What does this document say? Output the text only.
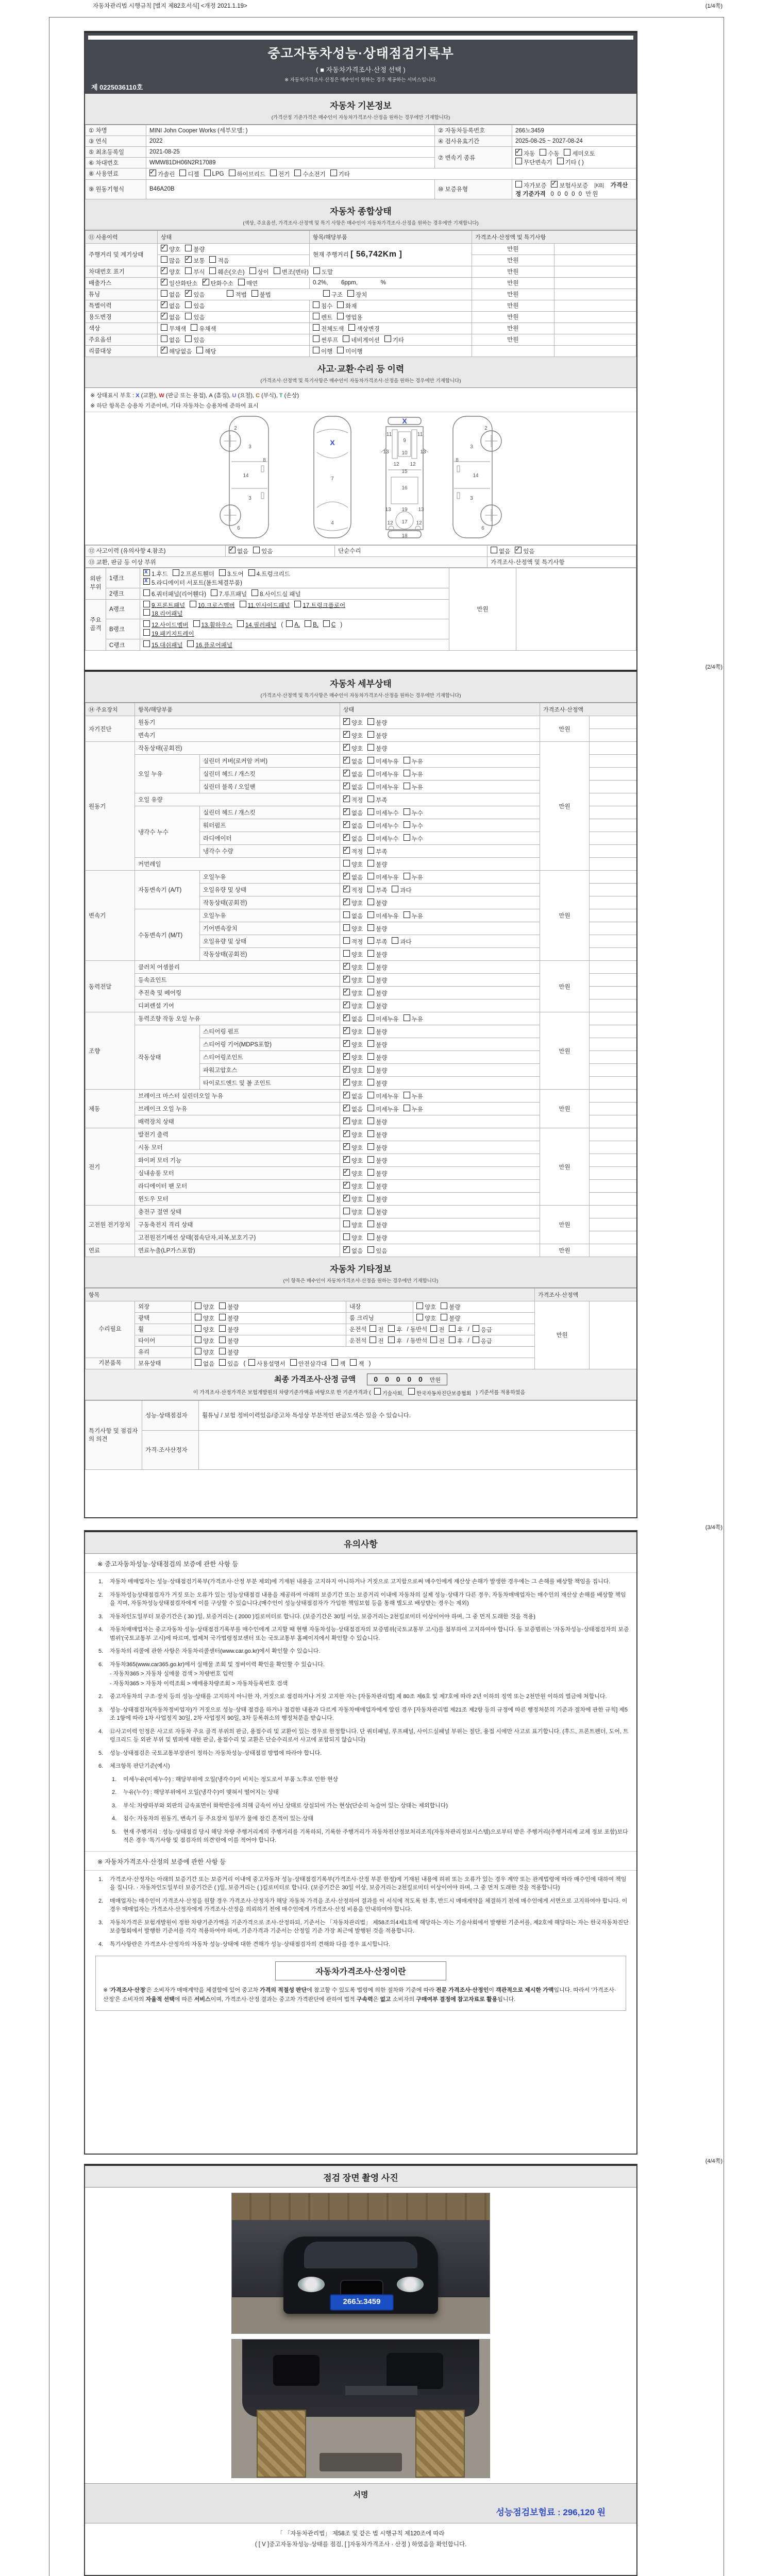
자동차관리법 시행규칙 [별지 제82호서식] <개정 2021.1.19>	(1/4쪽)
중고자동차성능·상태점검기록부
( ■ 자동차가격조사·산정 선택 )
※ 자동차가격조사·산정은 매수인이 원하는 경우 제공하는 서비스입니다.
제 0225036110호
자동차 기본정보
(가격산정 기준가격은 매수인이 자동차가격조사·산정을 원하는 경우에만 기재합니다)
① 차명	MINI John Cooper Works (세부모델: )	② 자동차등록번호	266노3459
③ 연식	2022	④ 검사유효기간	2025-08-25 ~ 2027-08-24
⑤ 최초등록일	2021-08-25	⑦ 변속기 종류	
✓자동 수동 세미오토
무단변속기 기타 ( )

⑥ 차대번호	WMW81DH06N2R17089		
⑧ 사용연료	✓가솔린 디젤 LPG 하이브리드 전기 수소전기 기타
⑨ 원동기형식	B46A20B	⑩ 보증유형	자가보증 ✓ 보험사보증 [KB] 가격산정 기준가격 0 0 0 0 0 만원
자동차 종합상태
(색상, 주요옵션, 가격조사·산정액 및 특기 사항은 매수인이 자동차가격조사·산정을 원하는 경우에만 기재합니다)
⑪ 사용이력	상태	항목/해당부품	가격조사·산정액 및 특기사항	
주행거리 및 계기상태	✓양호 불량	현재 주행거리 [ 56,742Km ]	만원	
	많음 ✓ 보통 적음		만원	
차대번호 표기	✓양호 부식 훼손(오손) 상이 변조(변타) 도말		만원	
배출가스	✓일산화탄소 ✓ 탄화수소 매연	0.2%,        6ppm,              %	만원	
튜닝	없음 ✓ 있음 적법 불법 구조 장치		만원	
특별이력	✓없음 있음	침수 화재	만원	
용도변경	✓없음 있음	렌트 영업용	만원	
색상	무채색 유채색	전체도색 색상변경	만원	
주요옵션	없음 있음	썬루프 네비게이션 기타	만원	
리콜대상	✓해당없음 해당	이행 미이행		
사고·교환·수리 등 이력
(가격조사·산정액 및 특기사항은 매수인이 자동차가격조사·산정을 원하는 경우에만 기재합니다)
※ 상태표시 부호 : X (교환), W (판금 또는 용접), A (흠집), U (요철), C (부식), T (손상)
※ 하단 항목은 승용차 기준이며, 기타 자동차는 승용차에 준하여 표시
2
8
3
14
3
6
X
7
4
X
11
9
11
13 10 13
12 12
15
16
13 19 13
12 17 12
18
2
8
3
14
3
6
⑫ 사고이력 (유의사항 4.참조)	✓없음 있음	단순수리	없음 ✓ 있음
⑬ 교환, 판금 등 이상 부위			가격조사·산정액 및 특기사항
외판부위	1랭크	
x1.후드 2.프론트휀더 3.도어 4.트렁크리드
x5.라디에이터 서포트(볼트체결부품)	만원	
	2랭크	6.쿼터패널(리어휀다) 7.루프패널 8.사이드실 패널		
주요골격	A랭크	9.프론트패널 10.크로스멤버 11.인사이드패널 17.트렁크플로어
18.리어패널		

	B랭크	12.사이드멤버 13.휠하우스 14.필러패널 ( A, B, C )
19.패키지트레이		

	C랭크	15.대쉬패널 16.플로어패널		
(2/4쪽)
자동차 세부상태
(가격조사·산정액 및 특기사항은 매수인이 자동차가격조사·산정을 원하는 경우에만 기재합니다)
⑭ 주요장치	항목/해당부품		상태	가격조사·산정액	
자기진단	원동기	✓양호 불량	만원	
	변속기	✓양호 불량	
원동기	작동상태(공회전)	✓양호 불량	만원	
	오일 누유	실린더 커버(로커암 커버)	✓없음 미세누유 누유	
		실린더 헤드 / 개스킷	✓없음 미세누유 누유	
		실린더 블록 / 오일팬	✓없음 미세누유 누유	
	오일 유량	✓적정 부족	
	냉각수 누수	실린더 헤드 / 개스킷	✓없음 미세누수 누수	
		워터펌프	✓없음 미세누수 누수	
		라디에이터	✓없음 미세누수 누수	
		냉각수 수량	✓적정 부족	
	커먼레일		양호 불량		
변속기	자동변속기 (A/T)	오일누유	✓없음 미세누유 누유	만원	
		오일유량 및 상태	✓적정 부족 과다	
		작동상태(공회전)	✓양호 불량	
	수동변속기 (M/T)	오일누유	없음 미세누유 누유		
		기어변속장치	양호 불량		
		오일유량 및 상태	적정 부족 과다		
		작동상태(공회전)	양호 불량		
동력전달	클러치 어셈블리	✓양호 불량	만원	
	등속죠인트	✓양호 불량	
	추진축 및 베어링	✓양호 불량	
	디퍼렌셜 기어	✓양호 불량	
조향	동력조향 작동 오일 누유	✓없음 미세누유 누유	만원	
	작동상태	스티어링 펌프	✓양호 불량	
		스티어링 기어(MDPS포함)	✓양호 불량	
		스티어링조인트	✓양호 불량	
		파워고압호스	✓양호 불량	
		타이로드엔드 및 볼 조인트	✓양호 불량	
제동	브레이크 마스터 실린더오일 누유	✓없음 미세누유 누유	만원	
	브레이크 오일 누유	✓없음 미세누유 누유	
	배력장치 상태	✓양호 불량	
전기	발전기 출력	✓양호 불량	만원	
	시동 모터	✓양호 불량	
	와이퍼 모터 기능	✓양호 불량	
	실내송풍 모터	✓양호 불량	
	라디에이터 팬 모터	✓양호 불량	
	윈도우 모터	✓양호 불량	
고전원 전기장치	충전구 절연 상태		양호 불량	만원	
	구동축전지 격리 상태		양호 불량		
	고전원전기배선 상태(접속단자,피복,보호기구)		양호 불량		
연료	연료누출(LP가스포함)	✓없음 있음	만원	
자동차 기타정보
(이 항목은 매수인이 자동차가격조사·산정을 원하는 경우에만 기재합니다)
항목					가격조사·산정액	
수리필요	외장	양호 불량	내장	양호 불량	만원	
	광택	양호 불량	룸 크리닝	양호 불량		
	휠	양호 불량	운전석 전 후 / 동반석 전 후 / 응급			
	타이어	양호 불량	운전석 전 후 / 동반석 전 후 / 응급			
	유리	양호 불량				
기본품목	보유상태	없음 있음 ( 사용설명서 안전삼각대 잭 잭 )				
최종 가격조사·산정 금액	0 0 0 0 0 만원
이 가격조사·산정가격은 보험개발원의 차량기준가액을 바탕으로 한 기준가격과 ( 기술사회,	한국자동차진단보증협회 ) 기준서를 적용하였음
특기사항 및 점검자의 의견	성능·상태점검자	휠튜닝 / 보험 정비이력있음/중고차 특성상 부분적인 판금도색은 있을 수 있습니다.
	가격·조사산정자	
(3/4쪽)
유의사항
※ 중고자동차성능·상태점검의 보증에 관한 사항 등
1.	자동차 매매업자는 성능·상태점검기록부(가격조사·산정 부분 제외)에 기재된 내용을 고지하지 아니하거나 거짓으로 고지함으로써 매수인에게 재산상 손해가 발생한 경우에는 그 손해를 배상할 책임을 집니다.
2.	자동차성능상태점검자가 거짓 또는 오류가 있는 성능상태점검 내용을 제공하여 아래의 보증기간 또는 보증거리 이내에 자동차의 실제 성능·상태가 다른 경우, 자동차매매업자는 매수인의 재산상 손해를 배상할 책임을 지며, 자동차성능상태점검자에게 이를 구상할 수 있습니다.(매수인이 성능상태점검자가 가입한 책임보험 등을 통해 별도로 배상받는 경우는 제외)
3.	자동차인도일부터 보증기간은 ( 30 )일, 보증거리는 ( 2000 )킬로미터로 합니다. (보증기간은 30일 이상, 보증거리는 2천킬로미터 이상이어야 하며, 그 중 먼저 도래한 것을 적용)
4.	자동차매매업자는 중고자동차 성능·상태점검기록부를 매수인에게 고지할 때 현행 자동차성능·상태점검자의 보증범위(국토교통부 고시)를 첨부하여 고지하여야 합니다. 동 보증범위는 '자동차성능·상태점검자의 보증범위'(국토교통부 고시)에 따르며, 법제처 국가법령정보센터 또는 국토교통부 홈페이지에서 확인할 수 있습니다.
5.	자동차의 리콜에 관한 사항은 자동차리콜센터(www.car.go.kr)에서 확인할 수 있습니다.
6.	자동차365(www.car365.go.kr)에서 실매물 조회 및 정비이력 확인을 확인할 수 있습니다.
- 자동차365 > 자동차 실매물 검색 > 차량번호 입력
- 자동차365 > 자동차 이력조회 > 매매용차량조회 > 자동차등록번호 검색
2.	중고자동차의 구조·장치 등의 성능·상태를 고지하지 아니한 자, 거짓으로 점검하거나 거짓 고지한 자는 [자동차관리법] 제 80조 제6호 및 제7호에 따라 2년 이하의 징역 또는 2천만원 이하의 벌금에 처합니다.
3.	성능·상태점검자(자동차정비업자)가 거짓으로 성능·상태 점검을 하거나 점검한 내용과 다르게 자동차매매업자에게 알린 경우 [자동차관리법 제21조 제2항 등의 규정에 따른 행정처분의 기준과 절차에 관한 규칙] 제5조 1항에 따라 1차 사업정지 30일, 2차 사업정지 90일, 3차 등록취소의 행정처분을 받습니다.
4.	⑫사고이력 인정은 사고로 자동차 주요 골격 부위의 판금, 용접수리 및 교환이 있는 경우로 한정합니다. 단 쿼터패널, 루프패널, 사이드실패널 부위는 절단, 용접 시에만 사고로 표기합니다. (후드, 프론트펜더, 도어, 트렁크리드 등 외판 부위 및 범퍼에 대한 판금, 용접수리 및 교환은 단순수리로서 사고에 포함되지 않습니다)
5.	성능·상태점검은 국토교통부장관이 정하는 자동차성능·상태점검 방법에 따라야 합니다.
6.	체크항목 판단기준(예시)
1.	미세누유(미세누수) : 해당부위에 오일(냉각수)이 비치는 정도로서 부품 노후로 인한 현상
2.	누유(누수) : 해당부위에서 오일(냉각수)이 맺혀서 떨어지는 상태
3.	부식: 차량하부와 외판의 금속표면이 화학반응에 의해 금속이 아닌 상태로 상실되어 가는 현상(단순히 녹슬어 있는 상태는 제외합니다)
4.	침수: 자동차의 원동기, 변속기 등 주요장치 일부가 물에 잠긴 흔적이 있는 상태
5.	현재 주행거리 : 성능·상태점검 당시 해당 차량 주행거리계의 주행거리를 기록하되, 기록한 주행거리가 자동차전산정보처리조직(자동차관리정보시스템)으로부터 받은 주행거리(주행거리계 교체 정보 포함)보다 적은 경우 '특기사항 및 점검자의 의견'란에 이를 적어야 합니다.
※ 자동차가격조사·산정의 보증에 관한 사항 등
1.	가격조사·산정자는 아래의 보증기간 또는 보증거리 이내에 중고자동차 성능·상태점검기록부(가격조사·산정 부분 한정)에 기재된 내용에 허위 또는 오류가 있는 경우 계약 또는 관계법령에 따라 매수인에 대하여 책임을 집니다. · 자동차인도일부터 보증기간은 ( )일, 보증거리는 ( )킬로미터로 합니다. (보증기간은 30일 이상, 보증거리는 2천킬로미터 이상이어야 하며, 그 중 먼저 도래한 것을 적용합니다)
2.	매매업자는 매수인이 가격조사·산정을 원할 경우 가격조사·산정자가 해당 자동차 가격을 조사·산정하여 결과를 이 서식에 적도록 한 후, 반드시 매매계약을 체결하기 전에 매수인에게 서면으로 고지하여야 합니다. 이 경우 매매업자는 가격조사·산정자에게 가격조사·산정을 의뢰하기 전에 매수인에게 가격조사·산정 비용을 안내하여야 합니다.
3.	자동차가격은 보험개발원이 정한 차량기준가액을 기준가격으로 조사·산정하되, 기준서는 「자동차관리법」 제58조의4제1호에 해당하는 자는 기술사회에서 발행한 기준서를, 제2호에 해당하는 자는 한국자동차진단보증협회에서 발행한 기준서를 각각 적용하여야 하며, 기준가격과 기준서는 산정일 기준 가장 최근에 발행된 것을 적용합니다.
4.	특기사항란은 가격조사·산정자의 자동차 성능·상태에 대한 견해가 성능·상태점검자의 견해와 다를 경우 표시합니다.
자동차가격조사·산정이란
※ '가격조사·산정'은 소비자가 매매계약을 체결함에 있어 중고차 가격의 적절성 판단에 참고할 수 있도록 법령에 의한 절차와 기준에 따라 전문 가격조사·산정인이 객관적으로 제시한 가액입니다. 따라서 '가격조사·산정'은 소비자의 자율적 선택에 따른 서비스이며, 가격조사·산정 결과는 중고차 가격판단에 관하여 법적 구속력은 없고 소비자의 구매여부 결정에 참고자료로 활용됩니다.
(4/4쪽)
점검 장면 촬영 사진
266노3459
서명
성능점검보험료 : 296,120 원
「 「자동차관리법」 제58조 및 같은 법 시행규칙 제120조에 따라
( [ V ]중고자동차성능·상태를 점검, [ ]자동차가격조사 · 산정 ) 하였음을 확인합니다.
